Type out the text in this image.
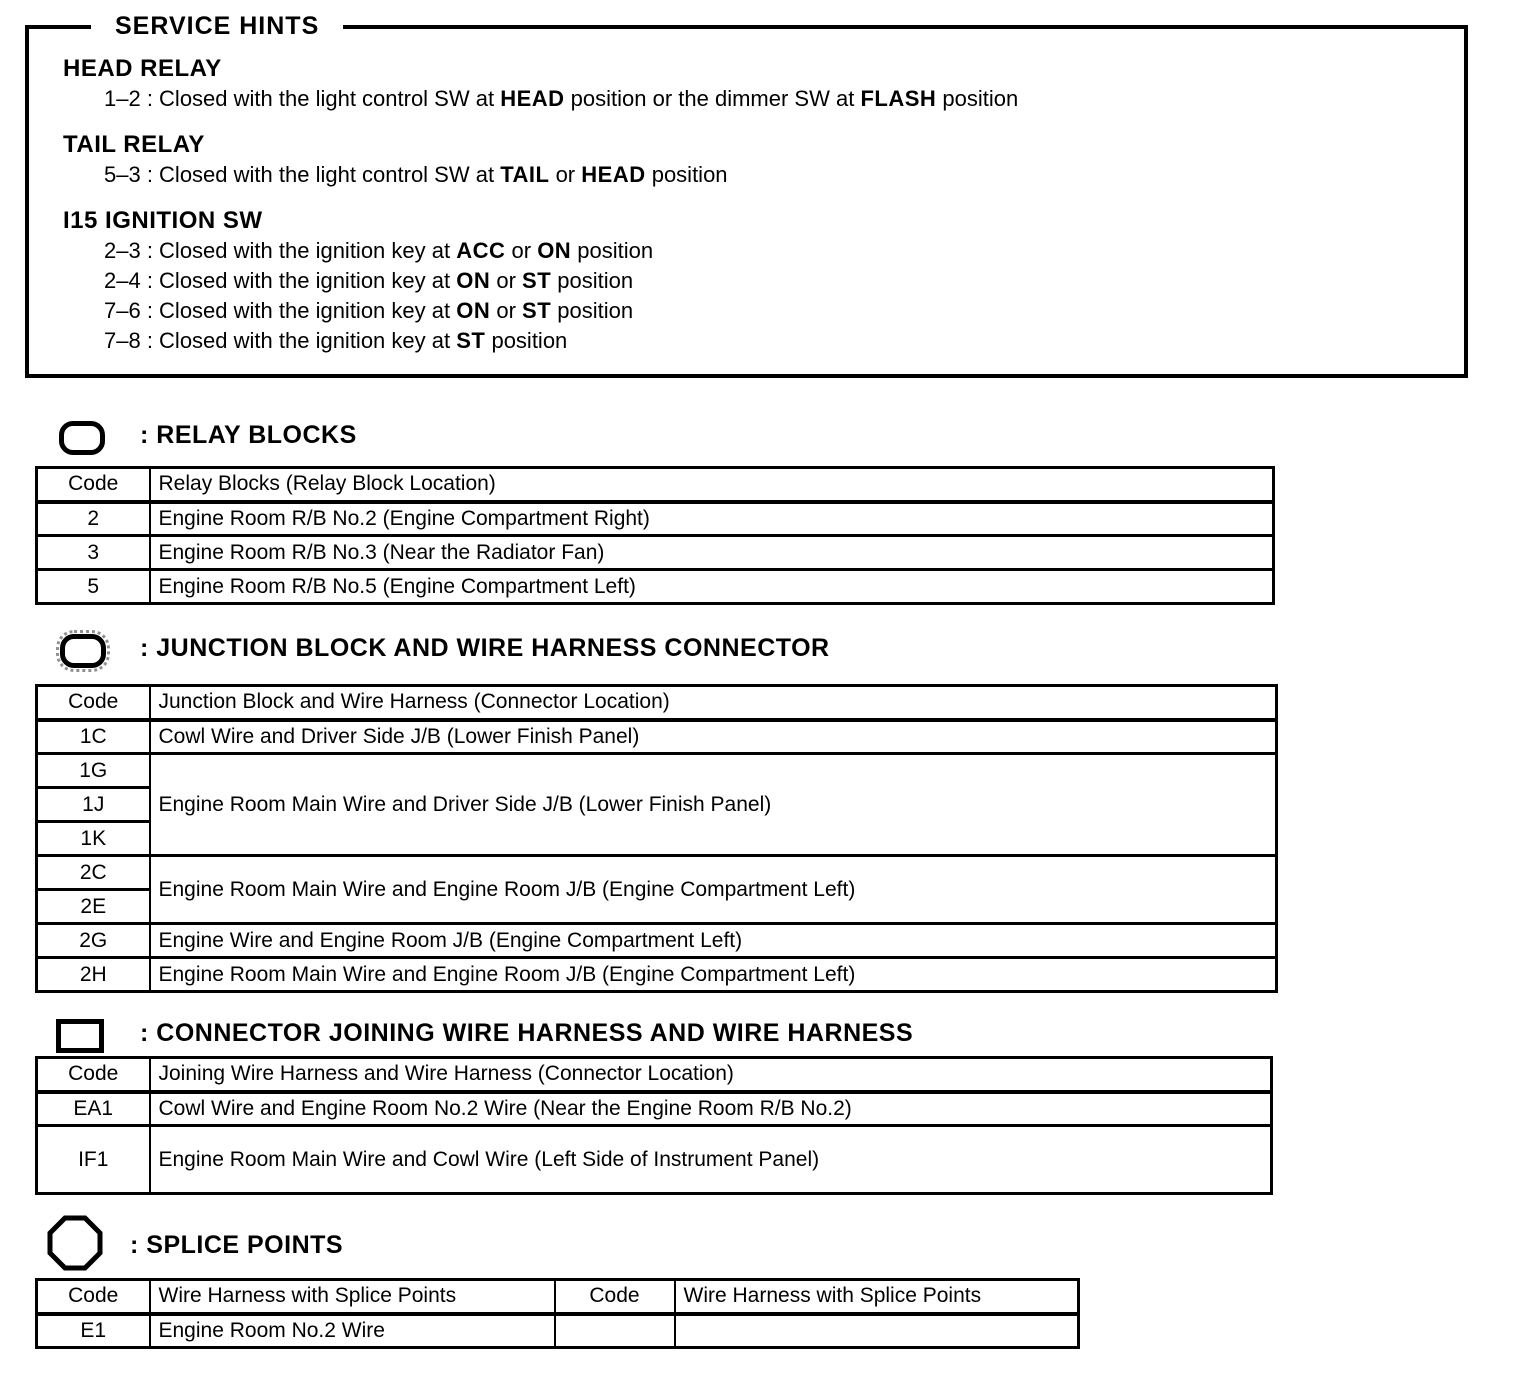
SERVICE HINTS
HEAD RELAY
1–2 : Closed with the light control SW at HEAD position or the dimmer SW at FLASH position
TAIL RELAY
5–3 : Closed with the light control SW at TAIL or HEAD position
I15 IGNITION SW
2–3 : Closed with the ignition key at ACC or ON position
2–4 : Closed with the ignition key at ON or ST position
7–6 : Closed with the ignition key at ON or ST position
7–8 : Closed with the ignition key at ST position
: RELAY BLOCKS
Code	Relay Blocks (Relay Block Location)
2	Engine Room R/B No.2 (Engine Compartment Right)
3	Engine Room R/B No.3 (Near the Radiator Fan)
5	Engine Room R/B No.5 (Engine Compartment Left)
: JUNCTION BLOCK AND WIRE HARNESS CONNECTOR
Code	Junction Block and Wire Harness (Connector Location)
1C	Cowl Wire and Driver Side J/B (Lower Finish Panel)
1G	Engine Room Main Wire and Driver Side J/B (Lower Finish Panel)
1J	
1K	
2C	Engine Room Main Wire and Engine Room J/B (Engine Compartment Left)
2E	
2G	Engine Wire and Engine Room J/B (Engine Compartment Left)
2H	Engine Room Main Wire and Engine Room J/B (Engine Compartment Left)
: CONNECTOR JOINING WIRE HARNESS AND WIRE HARNESS
Code	Joining Wire Harness and Wire Harness (Connector Location)
EA1	Cowl Wire and Engine Room No.2 Wire (Near the Engine Room R/B No.2)
IF1	Engine Room Main Wire and Cowl Wire (Left Side of Instrument Panel)
: SPLICE POINTS
Code	Wire Harness with Splice Points	Code	Wire Harness with Splice Points
E1	Engine Room No.2 Wire		
